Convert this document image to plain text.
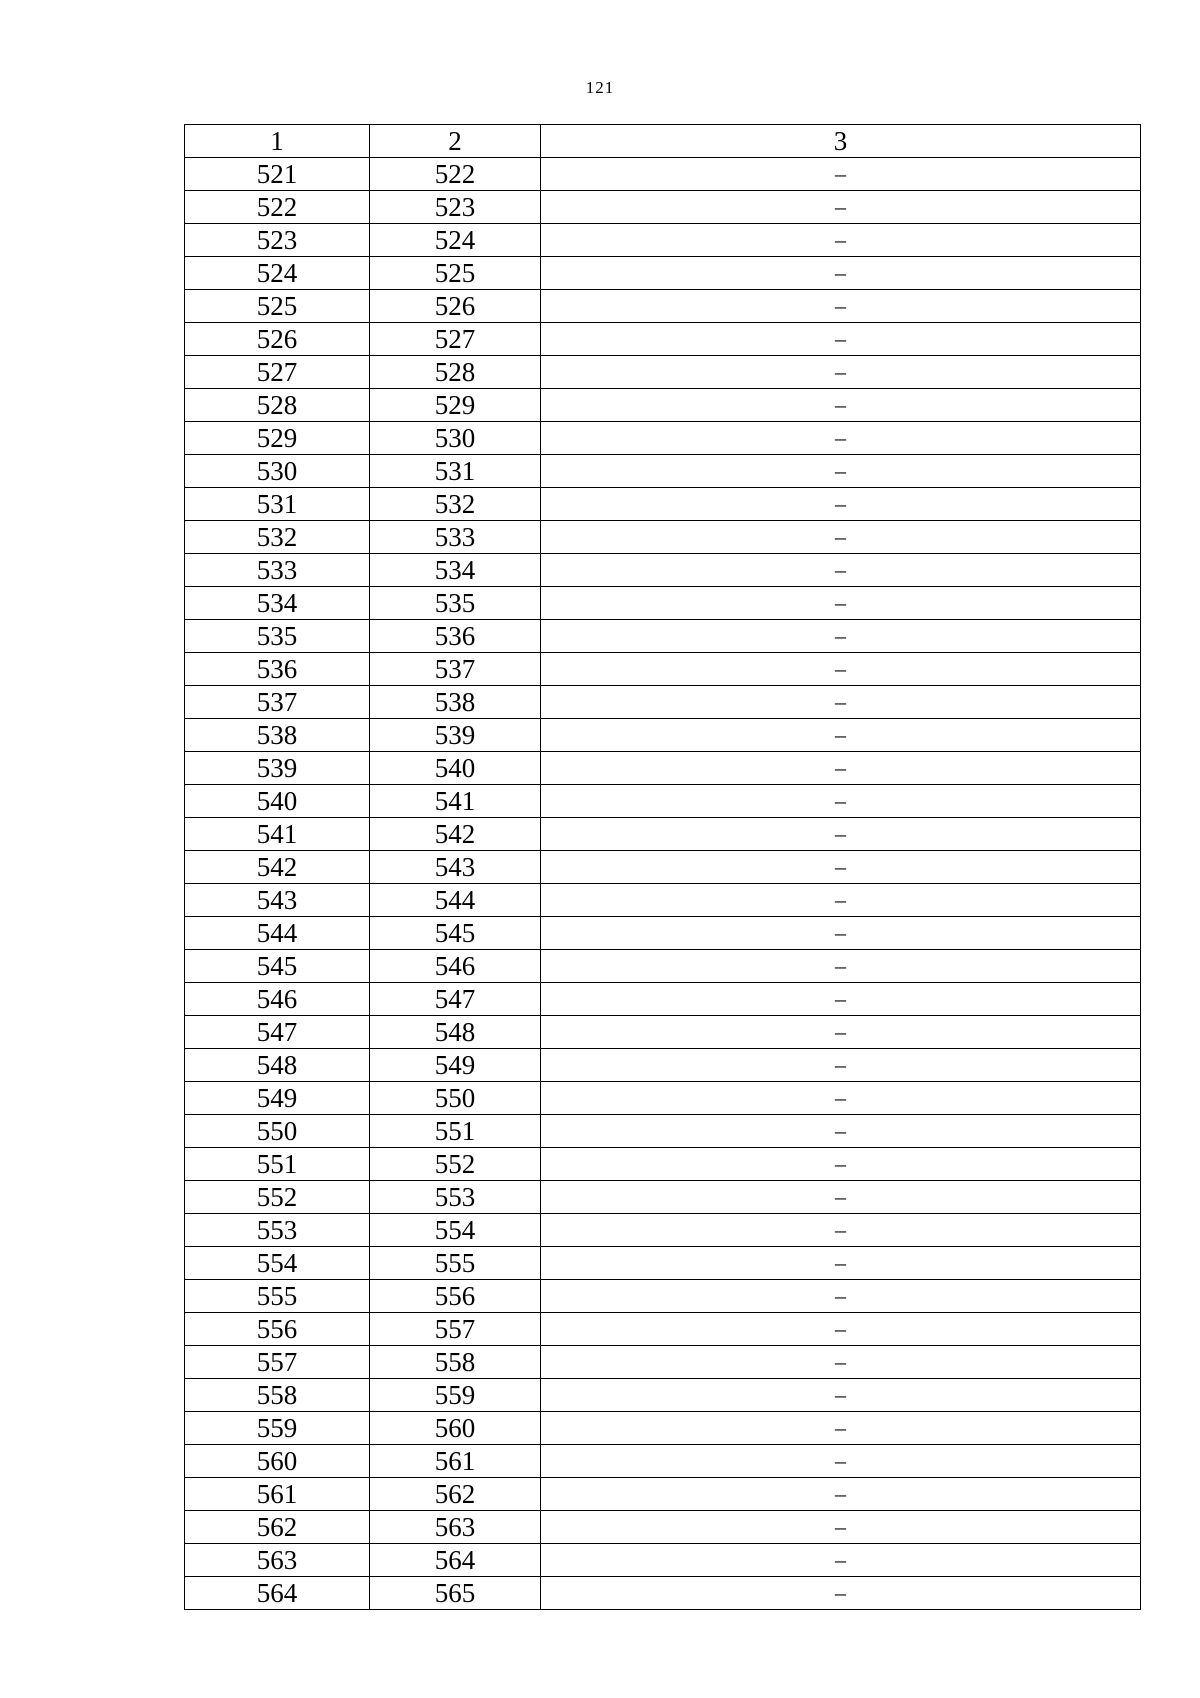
121
1	2	3
521	522	–
522	523	–
523	524	–
524	525	–
525	526	–
526	527	–
527	528	–
528	529	–
529	530	–
530	531	–
531	532	–
532	533	–
533	534	–
534	535	–
535	536	–
536	537	–
537	538	–
538	539	–
539	540	–
540	541	–
541	542	–
542	543	–
543	544	–
544	545	–
545	546	–
546	547	–
547	548	–
548	549	–
549	550	–
550	551	–
551	552	–
552	553	–
553	554	–
554	555	–
555	556	–
556	557	–
557	558	–
558	559	–
559	560	–
560	561	–
561	562	–
562	563	–
563	564	–
564	565	–
